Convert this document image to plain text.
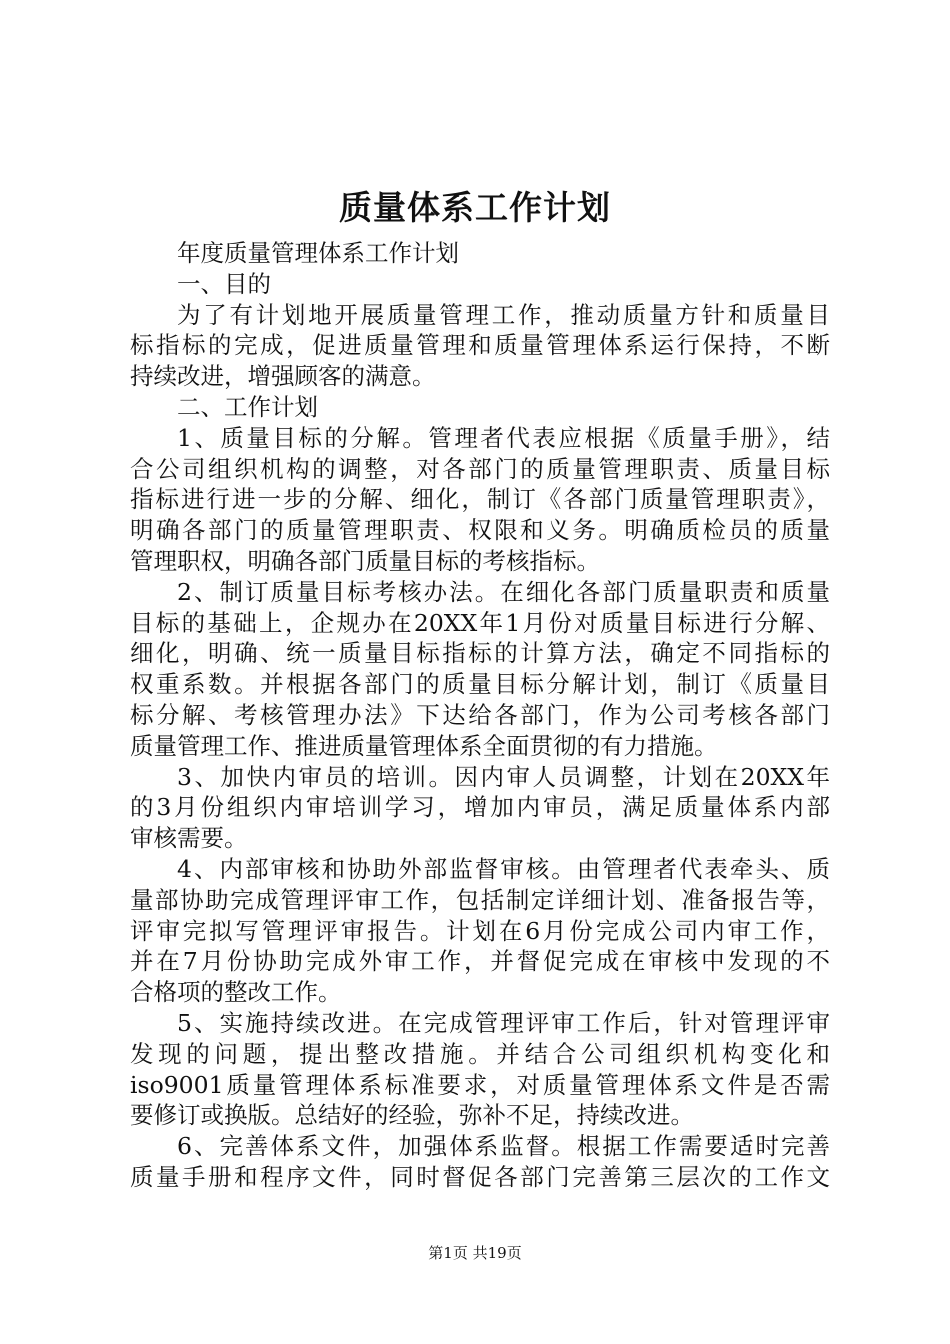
质量体系工作计划
年度质量管理体系工作计划
一、目的
为了有计划地开展质量管理工作，推动质量方针和质量目
标指标的完成，促进质量管理和质量管理体系运行保持，不断
持续改进，增强顾客的满意。
二、工作计划
1、质量目标的分解。管理者代表应根据《质量手册》，结
合公司组织机构的调整，对各部门的质量管理职责、质量目标
指标进行进一步的分解、细化，制订《各部门质量管理职责》，
明确各部门的质量管理职责、权限和义务。明确质检员的质量
管理职权，明确各部门质量目标的考核指标。
2、制订质量目标考核办法。在细化各部门质量职责和质量
目标的基础上，企规办在20XX年1月份对质量目标进行分解、
细化，明确、统一质量目标指标的计算方法，确定不同指标的
权重系数。并根据各部门的质量目标分解计划，制订《质量目
标分解、考核管理办法》下达给各部门，作为公司考核各部门
质量管理工作、推进质量管理体系全面贯彻的有力措施。
3、加快内审员的培训。因内审人员调整，计划在20XX年
的3月份组织内审培训学习，增加内审员，满足质量体系内部
审核需要。
4、内部审核和协助外部监督审核。由管理者代表牵头、质
量部协助完成管理评审工作，包括制定详细计划、准备报告等，
评审完拟写管理评审报告。计划在6月份完成公司内审工作，
并在7月份协助完成外审工作，并督促完成在审核中发现的不
合格项的整改工作。
5、实施持续改进。在完成管理评审工作后，针对管理评审
发现的问题，提出整改措施。并结合公司组织机构变化和
iso9001质量管理体系标准要求，对质量管理体系文件是否需
要修订或换版。总结好的经验，弥补不足，持续改进。
6、完善体系文件，加强体系监督。根据工作需要适时完善
质量手册和程序文件，同时督促各部门完善第三层次的工作文
第1页 共19页
